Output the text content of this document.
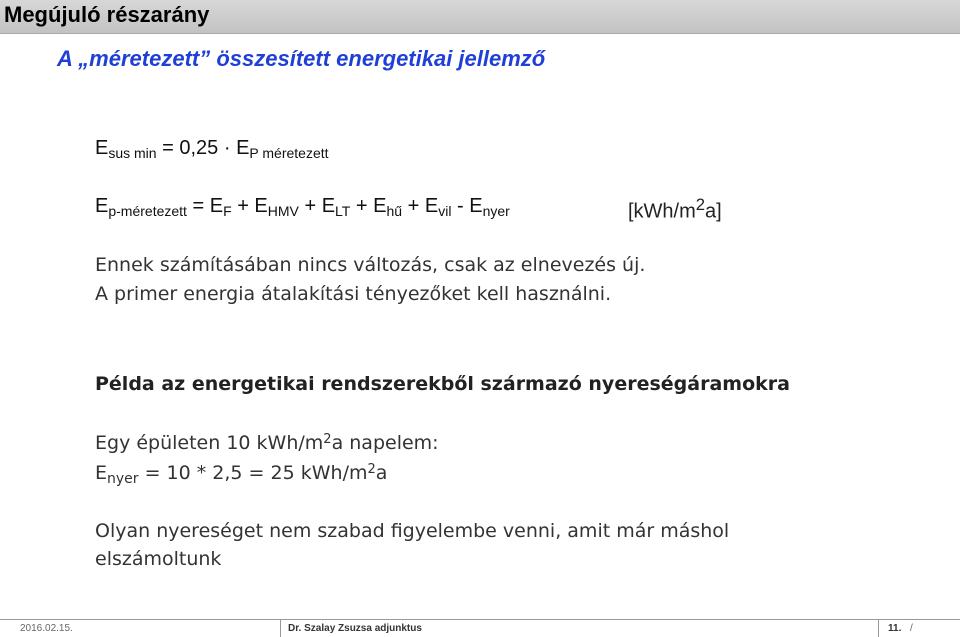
Megújuló részarány
A „méretezett” összesített energetikai jellemző
$E_{sus min} = 0,25 \cdot E_{P méretezett}$
$E_{p-méretezett} = E_F + E_{HMV} + E_{LT} + E_{hű} + E_{vil} - E_{nyer}$	$[kWh/m^2a]$
Ennek számításában nincs változás, csak az elnevezés új.
A primer energia átalakítási tényezőket kell használni.
Példa az energetikai rendszerekből származó nyereségáramokra
Egy épületen 10 kWh/$m^2a$ napelem:
$E_{nyer} = 10 * 2,5 = 25$ kWh/$m^2a$
Olyan nyereséget nem szabad figyelembe venni, amit már máshol
elszámoltunk
2016.02.15.	Dr. Szalay Zsuzsa adjunktus	11. /
